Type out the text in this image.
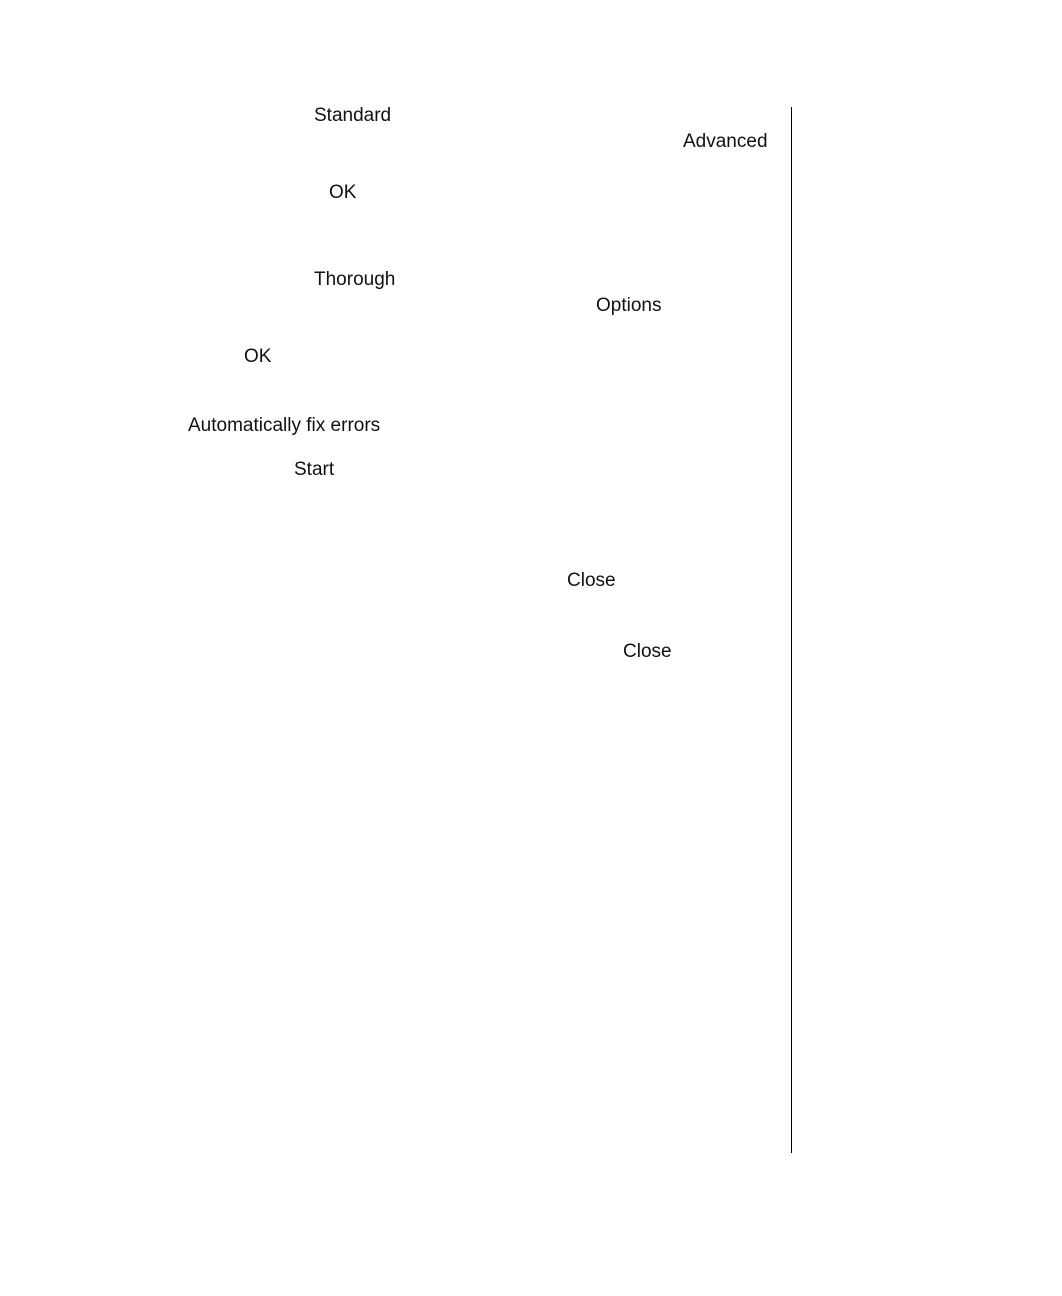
Standard
Advanced
OK
Thorough
Options
OK
Automatically fix errors
Start
Close
Close
